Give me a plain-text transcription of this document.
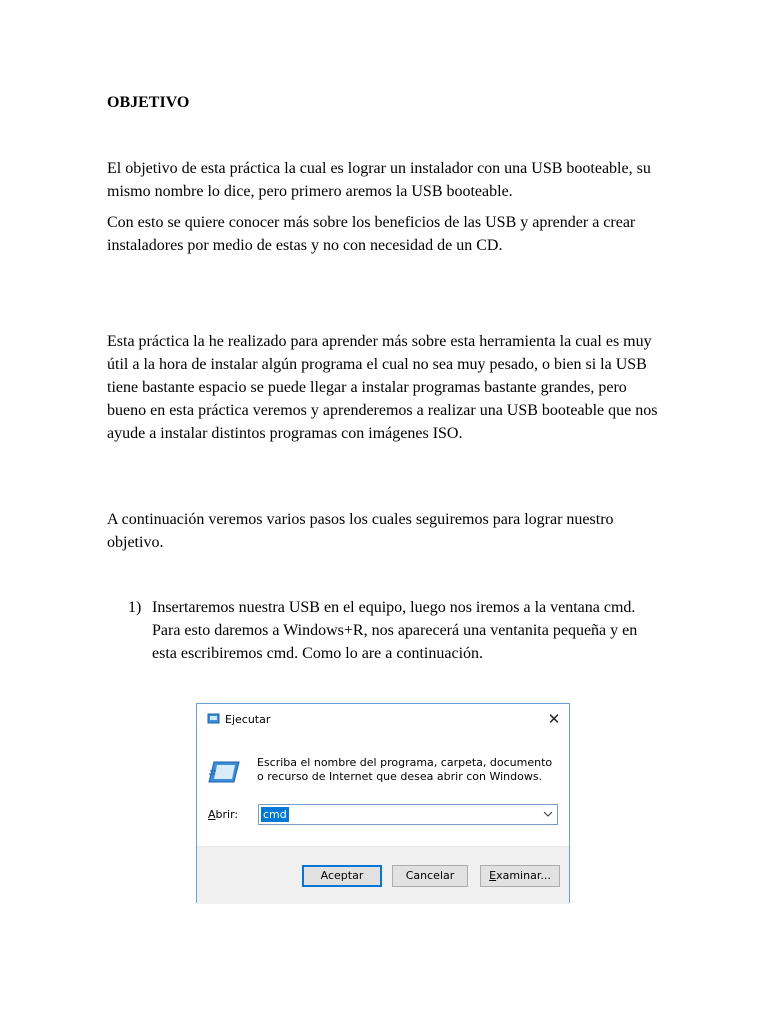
OBJETIVO

El objetivo de esta práctica la cual es lograr un instalador con una USB booteable, su mismo nombre lo dice, pero primero aremos la USB booteable.

Con esto se quiere conocer más sobre los beneficios de las USB y aprender a crear instaladores por medio de estas y no con necesidad de un CD.

Esta práctica la he realizado para aprender más sobre esta herramienta la cual es muy útil a la hora de instalar algún programa el cual no sea muy pesado, o bien si la USB tiene bastante espacio se puede llegar a instalar programas bastante grandes, pero bueno en esta práctica veremos y aprenderemos a realizar una USB booteable que nos ayude a instalar distintos programas con imágenes ISO.

A continuación veremos varios pasos los cuales seguiremos para lograr nuestro objetivo.

1) Insertaremos nuestra USB en el equipo, luego nos iremos a la ventana cmd. Para esto daremos a Windows+R, nos aparecerá una ventanita pequeña y en esta escribiremos cmd. Como lo are a continuación.
Ejecutar	✕
Escriba el nombre del programa, carpeta, documento o recurso de Internet que desea abrir con Windows.
Abrir: cmd
Aceptar	Cancelar	Examinar...
